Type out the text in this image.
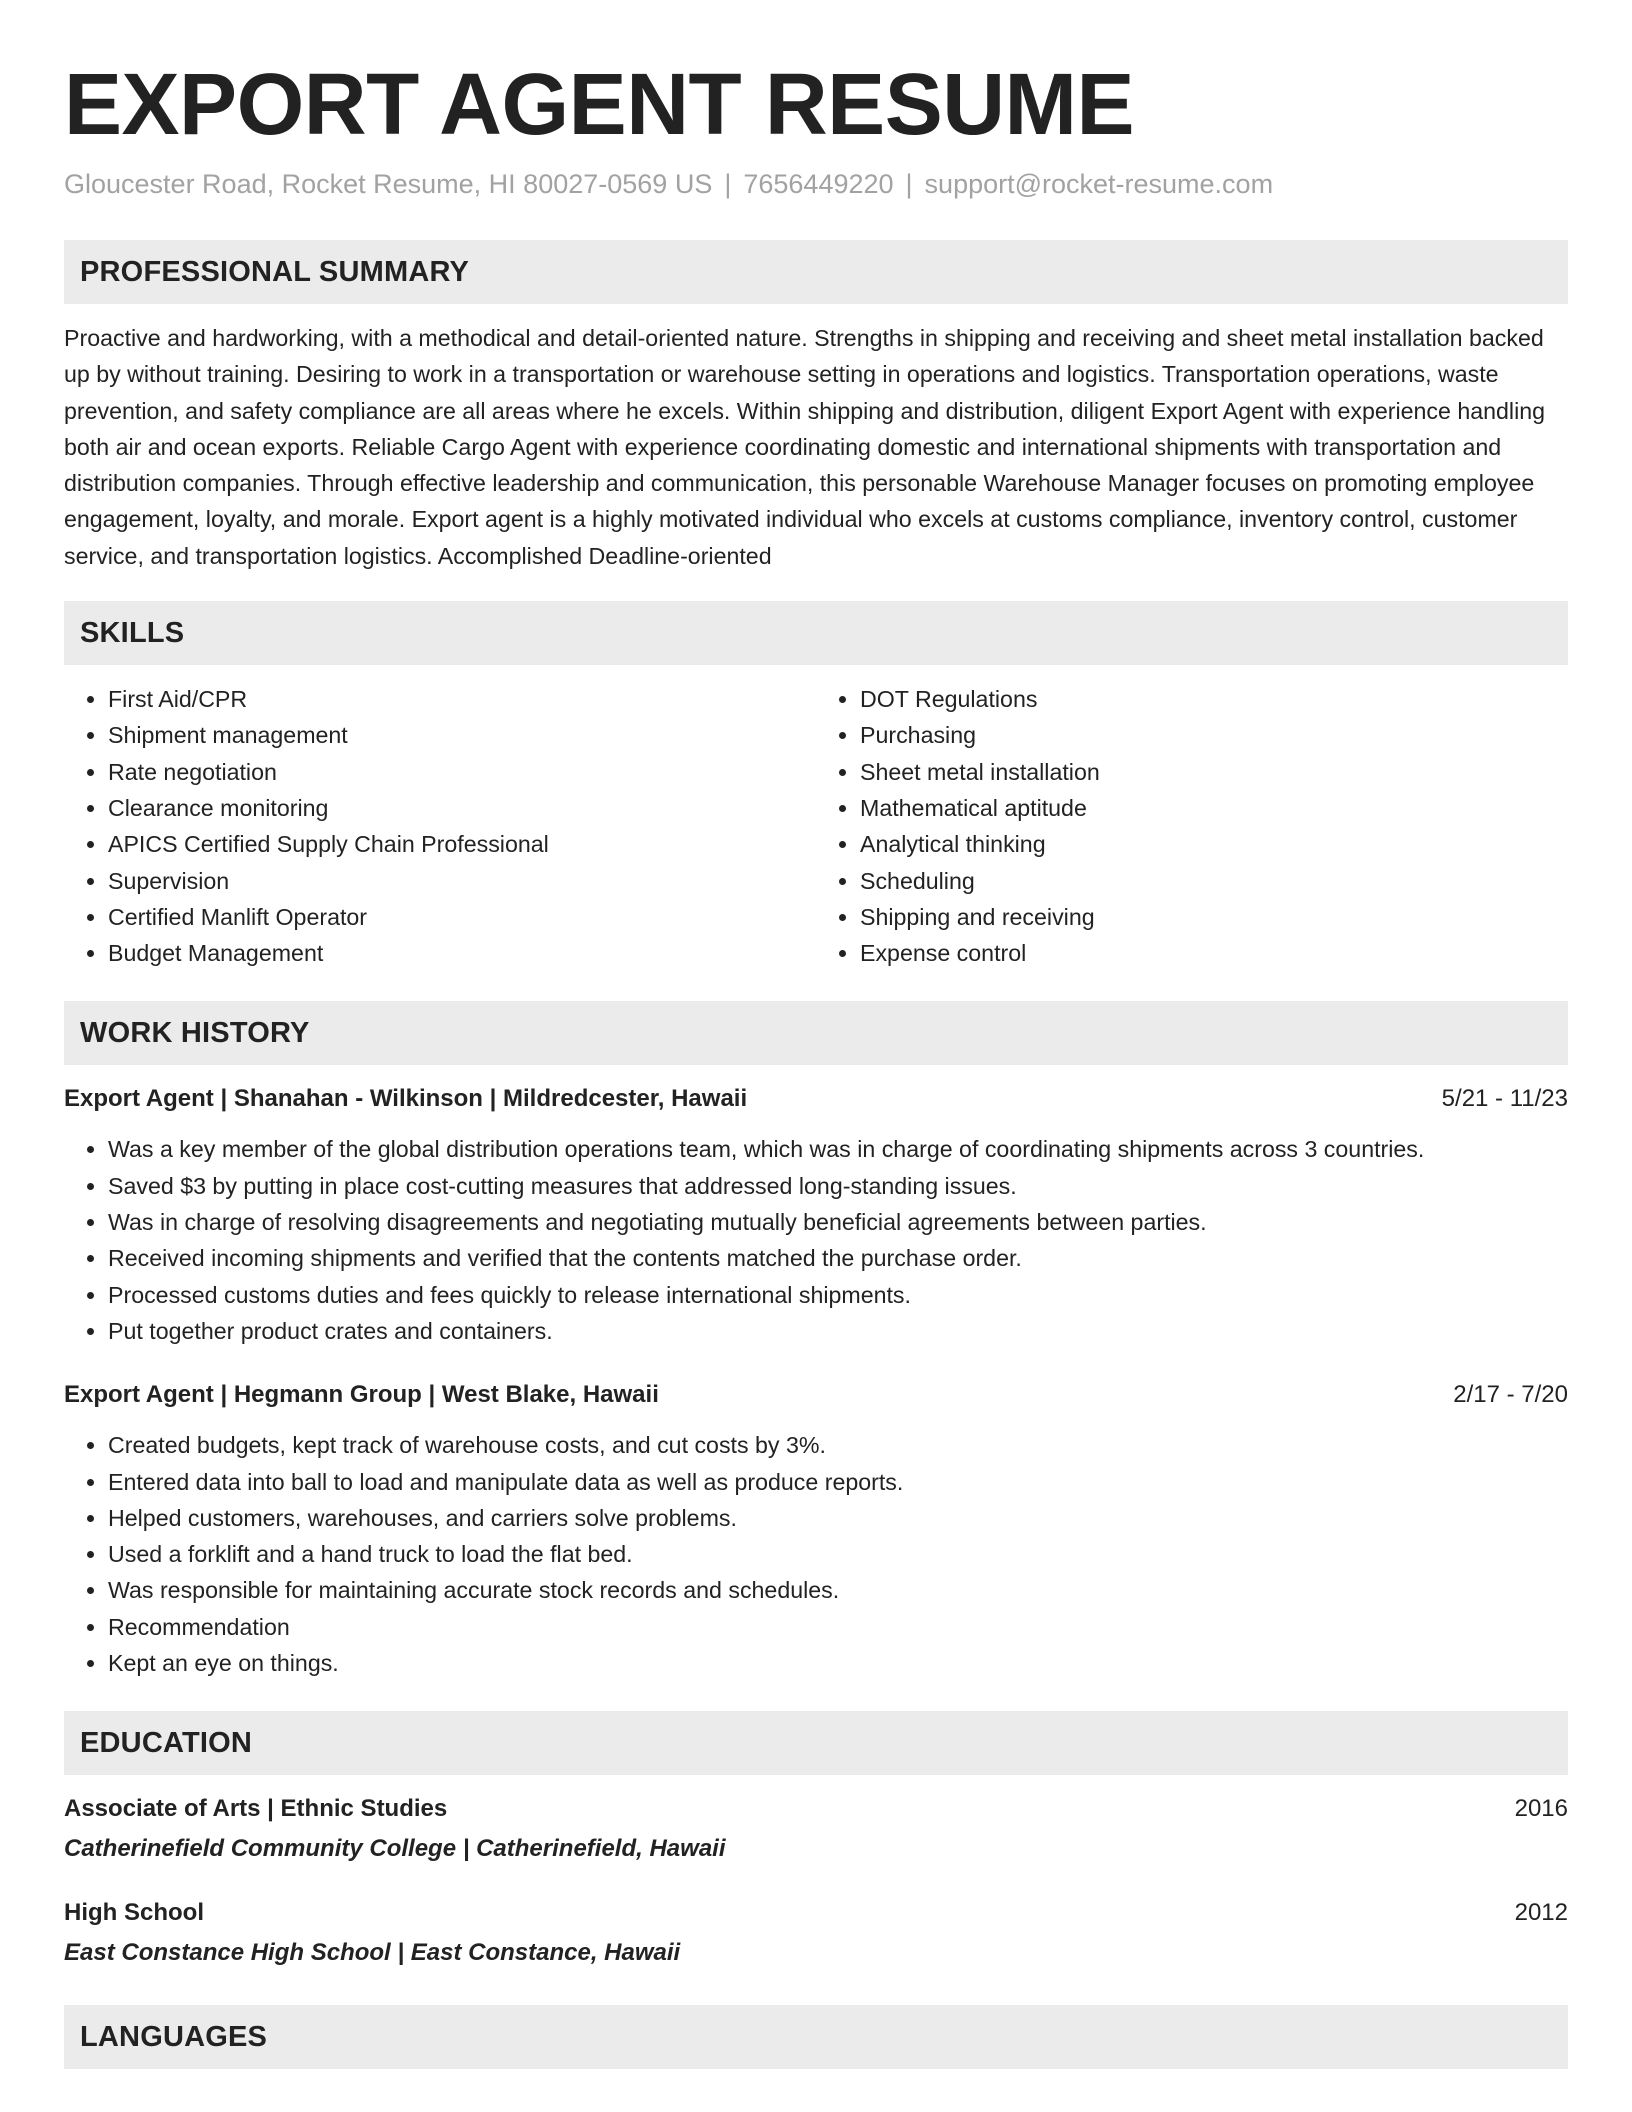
EXPORT AGENT RESUME
Gloucester Road, Rocket Resume, HI 80027-0569 US | 7656449220 | support@rocket-resume.com
PROFESSIONAL SUMMARY

Proactive and hardworking, with a methodical and detail-oriented nature. Strengths in shipping and receiving and sheet metal installation backed up by without training. Desiring to work in a transportation or warehouse setting in operations and logistics. Transportation operations, waste prevention, and safety compliance are all areas where he excels. Within shipping and distribution, diligent Export Agent with experience handling both air and ocean exports. Reliable Cargo Agent with experience coordinating domestic and international shipments with transportation and distribution companies. Through effective leadership and communication, this personable Warehouse Manager focuses on promoting employee engagement, loyalty, and morale. Export agent is a highly motivated individual who excels at customs compliance, inventory control, customer service, and transportation logistics. Accomplished Deadline-oriented

SKILLS
• First Aid/CPR
• Shipment management
• Rate negotiation
• Clearance monitoring
• APICS Certified Supply Chain Professional
• Supervision
• Certified Manlift Operator
• Budget Management
• DOT Regulations
• Purchasing
• Sheet metal installation
• Mathematical aptitude
• Analytical thinking
• Scheduling
• Shipping and receiving
• Expense control
WORK HISTORY
Export Agent | Shanahan - Wilkinson | Mildredcester, Hawaii	5/21 - 11/23
• Was a key member of the global distribution operations team, which was in charge of coordinating shipments across 3 countries.
• Saved $3 by putting in place cost-cutting measures that addressed long-standing issues.
• Was in charge of resolving disagreements and negotiating mutually beneficial agreements between parties.
• Received incoming shipments and verified that the contents matched the purchase order.
• Processed customs duties and fees quickly to release international shipments.
• Put together product crates and containers.
Export Agent | Hegmann Group | West Blake, Hawaii	2/17 - 7/20
• Created budgets, kept track of warehouse costs, and cut costs by 3%.
• Entered data into ball to load and manipulate data as well as produce reports.
• Helped customers, warehouses, and carriers solve problems.
• Used a forklift and a hand truck to load the flat bed.
• Was responsible for maintaining accurate stock records and schedules.
• Recommendation
• Kept an eye on things.
EDUCATION
Associate of Arts | Ethnic Studies	2016
Catherinefield Community College | Catherinefield, Hawaii
High School	2012
East Constance High School | East Constance, Hawaii
LANGUAGES
